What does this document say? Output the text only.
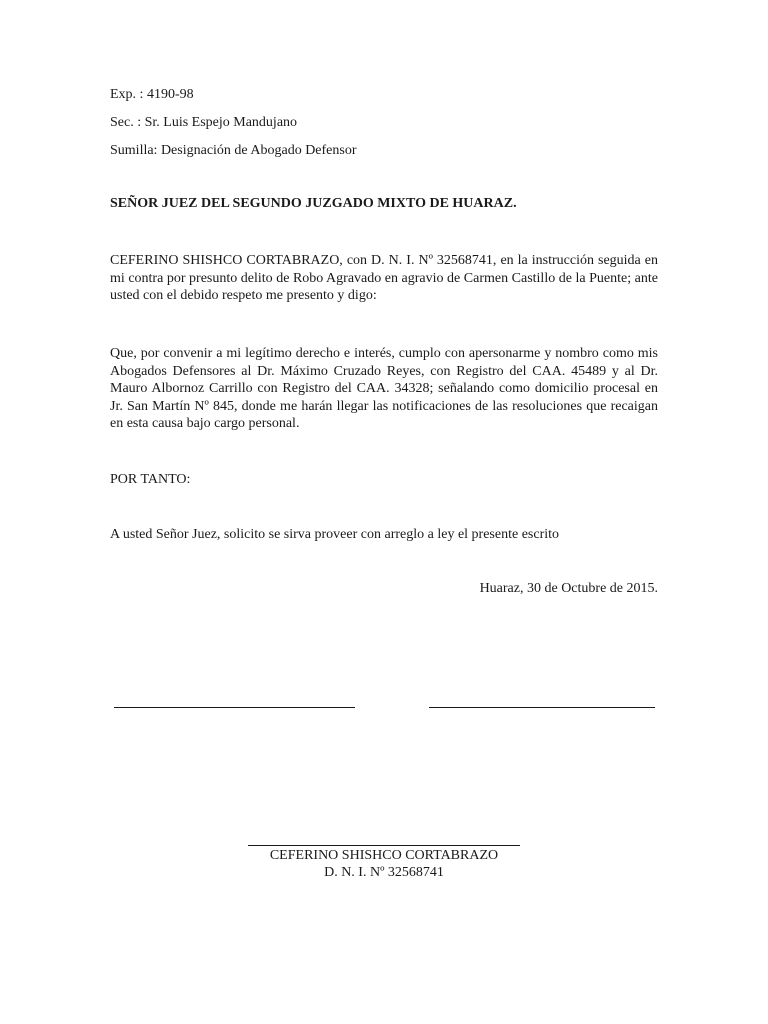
Exp. : 4190-98
Sec. : Sr. Luis Espejo Mandujano
Sumilla: Designación de Abogado Defensor
SEÑOR JUEZ DEL SEGUNDO JUZGADO MIXTO DE HUARAZ.
CEFERINO SHISHCO CORTABRAZO, con D. N. I. Nº 32568741, en la instrucción seguida en mi contra por presunto delito de Robo Agravado en agravio de Carmen Castillo de la Puente; ante usted con el debido respeto me presento y digo:
Que, por convenir a mi legítimo derecho e interés, cumplo con apersonarme y nombro como mis Abogados Defensores al Dr. Máximo Cruzado Reyes, con Registro del CAA. 45489 y al Dr. Mauro Albornoz Carrillo con Registro del CAA. 34328; señalando como domicilio procesal en Jr. San Martín Nº 845, donde me harán llegar las notificaciones de las resoluciones que recaigan en esta causa bajo cargo personal.
POR TANTO:
A usted Señor Juez, solicito se sirva proveer con arreglo a ley el presente escrito
Huaraz, 30 de Octubre de 2015.
CEFERINO SHISHCO CORTABRAZO
D. N. I. Nº 32568741
